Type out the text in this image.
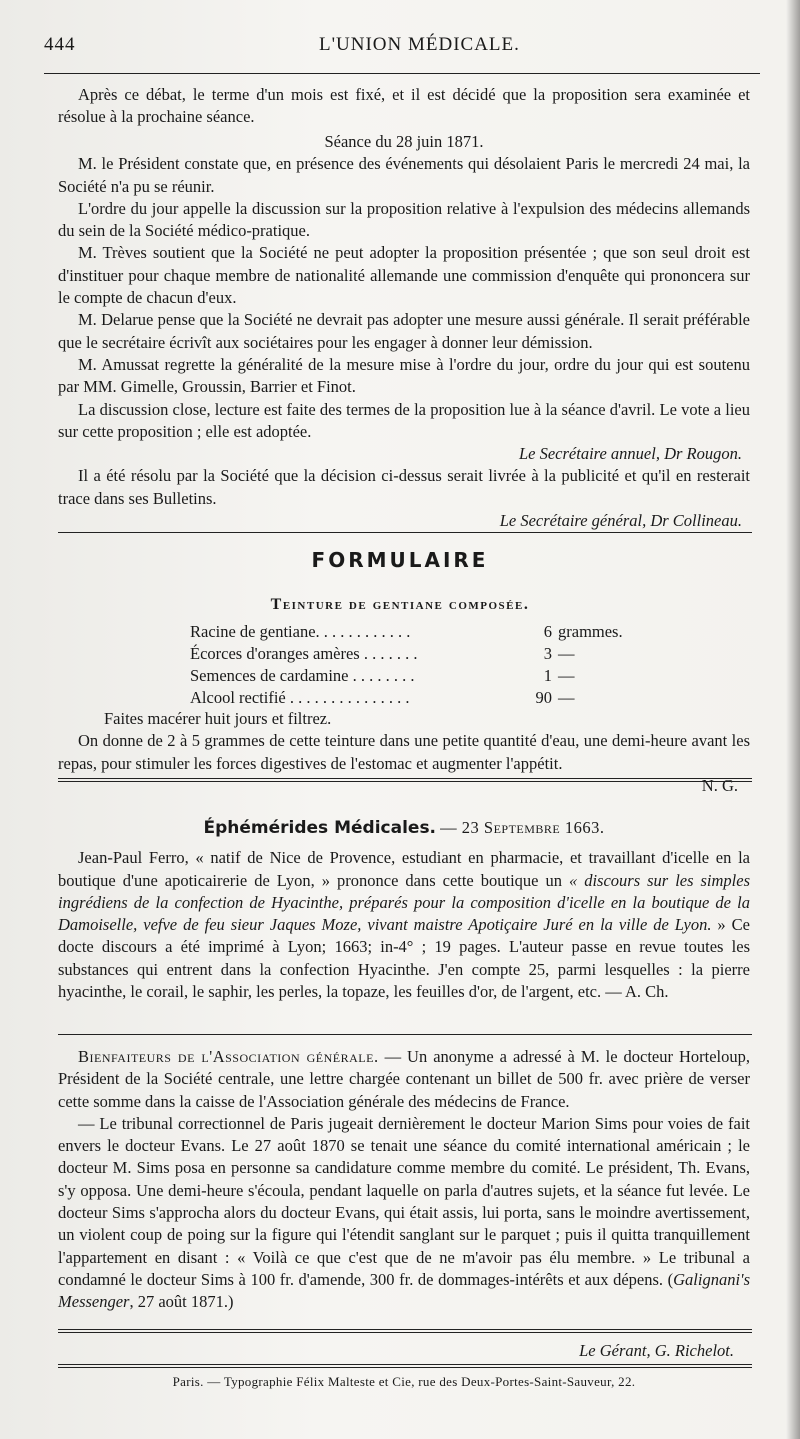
444	L'UNION MÉDICALE.

Après ce débat, le terme d'un mois est fixé, et il est décidé que la proposition sera examinée et résolue à la prochaine séance.

Séance du 28 juin 1871.

M. le Président constate que, en présence des événements qui désolaient Paris le mercredi 24 mai, la Société n'a pu se réunir.

L'ordre du jour appelle la discussion sur la proposition relative à l'expulsion des médecins allemands du sein de la Société médico-pratique.

M. Trèves soutient que la Société ne peut adopter la proposition présentée ; que son seul droit est d'instituer pour chaque membre de nationalité allemande une commission d'enquête qui prononcera sur le compte de chacun d'eux.

M. Delarue pense que la Société ne devrait pas adopter une mesure aussi générale. Il serait préférable que le secrétaire écrivît aux sociétaires pour les engager à donner leur démission.

M. Amussat regrette la généralité de la mesure mise à l'ordre du jour, ordre du jour qui est soutenu par MM. Gimelle, Groussin, Barrier et Finot.

La discussion close, lecture est faite des termes de la proposition lue à la séance d'avril. Le vote a lieu sur cette proposition ; elle est adoptée.

Le Secrétaire annuel, Dr Rougon.

Il a été résolu par la Société que la décision ci-dessus serait livrée à la publicité et qu'il en resterait trace dans ses Bulletins.

Le Secrétaire général, Dr Collineau.

FORMULAIRE
Teinture de gentiane composée.
Racine de gentiane. . . . . . . . . . . .	6 grammes.
Écorces d'oranges amères . . . . . . .	3 —
Semences de cardamine . . . . . . . .	1 —
Alcool rectifié . . . . . . . . . . . . . . .	90 —

Faites macérer huit jours et filtrez.

On donne de 2 à 5 grammes de cette teinture dans une petite quantité d'eau, une demi-heure avant les repas, pour stimuler les forces digestives de l'estomac et augmenter l'appétit.

N. G.

Éphémérides Médicales. — 23 Septembre 1663.

Jean-Paul Ferro, « natif de Nice de Provence, estudiant en pharmacie, et travaillant d'icelle en la boutique d'une apoticairerie de Lyon, » prononce dans cette boutique un « discours sur les simples ingrédiens de la confection de Hyacinthe, préparés pour la composition d'icelle en la boutique de la Damoiselle, vefve de feu sieur Jaques Moze, vivant maistre Apotiçaire Juré en la ville de Lyon. » Ce docte discours a été imprimé à Lyon; 1663; in-4° ; 19 pages. L'auteur passe en revue toutes les substances qui entrent dans la confection Hyacinthe. J'en compte 25, parmi lesquelles : la pierre hyacinthe, le corail, le saphir, les perles, la topaze, les feuilles d'or, de l'argent, etc. — A. Ch.

Bienfaiteurs de l'Association générale. — Un anonyme a adressé à M. le docteur Horteloup, Président de la Société centrale, une lettre chargée contenant un billet de 500 fr. avec prière de verser cette somme dans la caisse de l'Association générale des médecins de France.

— Le tribunal correctionnel de Paris jugeait dernièrement le docteur Marion Sims pour voies de fait envers le docteur Evans. Le 27 août 1870 se tenait une séance du comité international américain ; le docteur M. Sims posa en personne sa candidature comme membre du comité. Le président, Th. Evans, s'y opposa. Une demi-heure s'écoula, pendant laquelle on parla d'autres sujets, et la séance fut levée. Le docteur Sims s'approcha alors du docteur Evans, qui était assis, lui porta, sans le moindre avertissement, un violent coup de poing sur la figure qui l'étendit sanglant sur le parquet ; puis il quitta tranquillement l'appartement en disant : « Voilà ce que c'est que de ne m'avoir pas élu membre. » Le tribunal a condamné le docteur Sims à 100 fr. d'amende, 300 fr. de dommages-intérêts et aux dépens. (Galignani's Messenger, 27 août 1871.)

Le Gérant, G. Richelot.
Paris. — Typographie Félix Malteste et Cie, rue des Deux-Portes-Saint-Sauveur, 22.
